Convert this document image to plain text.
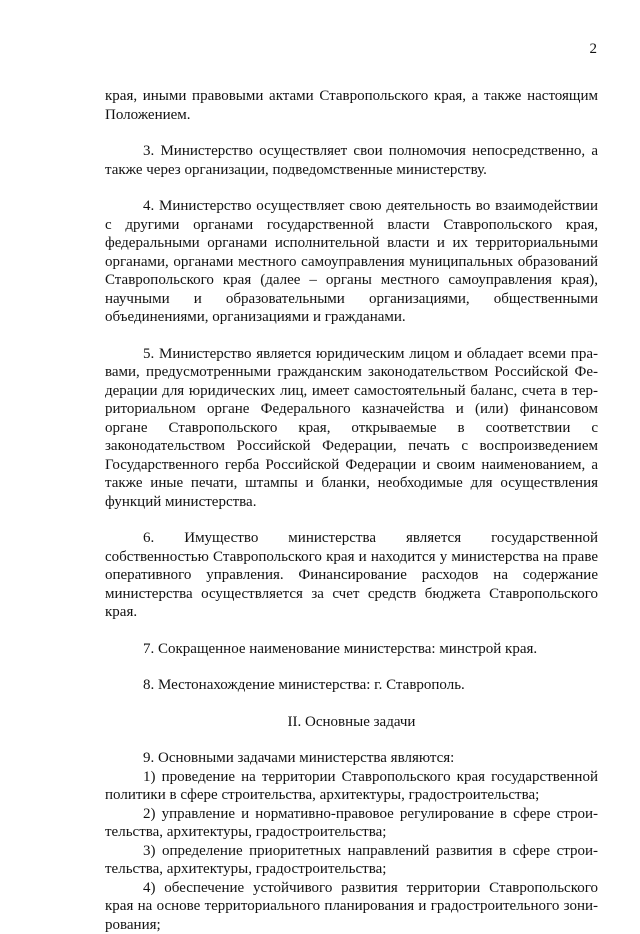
2

края, иными правовыми актами Ставропольского края, а также настоящим Положением.

3. Министерство осуществляет свои полномочия непосредственно, а также через организации, подведомственные министерству.

4. Министерство осуществляет свою деятельность во взаимодействии с другими органами государственной власти Ставропольского края, федеральными органами исполнительной власти и их территориальными органами, органами местного самоуправления муниципальных образований Ставропольского края (далее – органы местного самоуправления края), научными и образовательными организациями, общественными объединениями, организациями и гражданами.

5. Министерство является юридическим лицом и обладает всеми правами, предусмотренными гражданским законодательством Российской Федерации для юридических лиц, имеет самостоятельный баланс, счета в территориальном органе Федерального казначейства и (или) финансовом органе Ставропольского края, открываемые в соответствии с законодательством Российской Федерации, печать с воспроизведением Государственного герба Российской Федерации и своим наименованием, а также иные печати, штампы и бланки, необходимые для осуществления функций министерства.

6. Имущество министерства является государственной собственностью Ставропольского края и находится у министерства на праве оперативного управления. Финансирование расходов на содержание министерства осуществляется за счет средств бюджета Ставропольского края.

7. Сокращенное наименование министерства: минстрой края.

8. Местонахождение министерства: г. Ставрополь.

II. Основные задачи

9. Основными задачами министерства являются:

1) проведение на территории Ставропольского края государственной политики в сфере строительства, архитектуры, градостроительства;

2) управление и нормативно-правовое регулирование в сфере строительства, архитектуры, градостроительства;

3) определение приоритетных направлений развития в сфере строительства, архитектуры, градостроительства;

4) обеспечение устойчивого развития территории Ставропольского края на основе территориального планирования и градостроительного зонирования;
